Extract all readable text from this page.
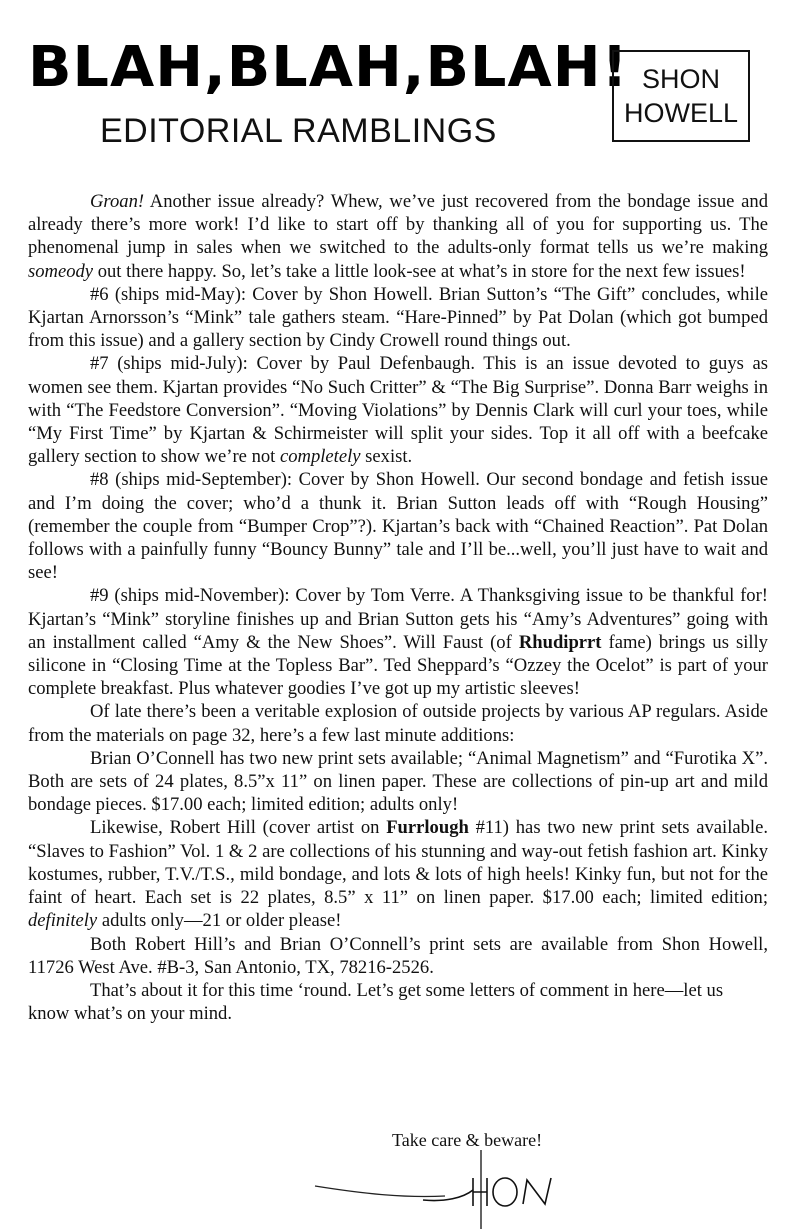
BLAH,BLAH,BLAH!
EDITORIAL RAMBLINGS
SHON
HOWELL

Groan! Another issue already? Whew, we’ve just recovered from the bondage issue and already there’s more work! I’d like to start off by thanking all of you for supporting us. The phenomenal jump in sales when we switched to the adults-only format tells us we’re making someody out there happy. So, let’s take a little look-see at what’s in store for the next few issues!

#6 (ships mid-May): Cover by Shon Howell. Brian Sutton’s “The Gift” concludes, while Kjartan Arnorsson’s “Mink” tale gathers steam. “Hare-Pinned” by Pat Dolan (which got bumped from this issue) and a gallery section by Cindy Crowell round things out.

#7 (ships mid-July): Cover by Paul Defenbaugh. This is an issue devoted to guys as women see them. Kjartan provides “No Such Critter” & “The Big Surprise”. Donna Barr weighs in with “The Feedstore Conversion”. “Moving Violations” by Dennis Clark will curl your toes, while “My First Time” by Kjartan & Schirmeister will split your sides. Top it all off with a beefcake gallery section to show we’re not completely sexist.

#8 (ships mid-September): Cover by Shon Howell. Our second bondage and fetish issue and I’m doing the cover; who’d a thunk it. Brian Sutton leads off with “Rough Housing” (remember the couple from “Bumper Crop”?). Kjartan’s back with “Chained Reaction”. Pat Dolan follows with a painfully funny “Bouncy Bunny” tale and I’ll be...well, you’ll just have to wait and see!

#9 (ships mid-November): Cover by Tom Verre. A Thanksgiving issue to be thankful for! Kjartan’s “Mink” storyline finishes up and Brian Sutton gets his “Amy’s Adventures” going with an installment called “Amy & the New Shoes”. Will Faust (of Rhudiprrt fame) brings us silly silicone in “Closing Time at the Topless Bar”. Ted Sheppard’s “Ozzey the Ocelot” is part of your complete breakfast. Plus whatever goodies I’ve got up my artistic sleeves!

Of late there’s been a veritable explosion of outside projects by various AP regulars. Aside from the materials on page 32, here’s a few last minute additions:

Brian O’Connell has two new print sets available; “Animal Magnetism” and “Furotika X”. Both are sets of 24 plates, 8.5”x 11” on linen paper. These are collections of pin-up art and mild bondage pieces. $17.00 each; limited edition; adults only!

Likewise, Robert Hill (cover artist on Furrlough #11) has two new print sets available. “Slaves to Fashion” Vol. 1 & 2 are collections of his stunning and way-out fetish fashion art. Kinky kostumes, rubber, T.V./T.S., mild bondage, and lots & lots of high heels! Kinky fun, but not for the faint of heart. Each set is 22 plates, 8.5” x 11” on linen paper. $17.00 each; limited edition; definitely adults only—21 or older please!

Both Robert Hill’s and Brian O’Connell’s print sets are available from Shon Howell, 11726 West Ave. #B-3, San Antonio, TX, 78216-2526.

That’s about it for this time ‘round. Let’s get some letters of comment in here—let us know what’s on your mind.

Take care & beware!
